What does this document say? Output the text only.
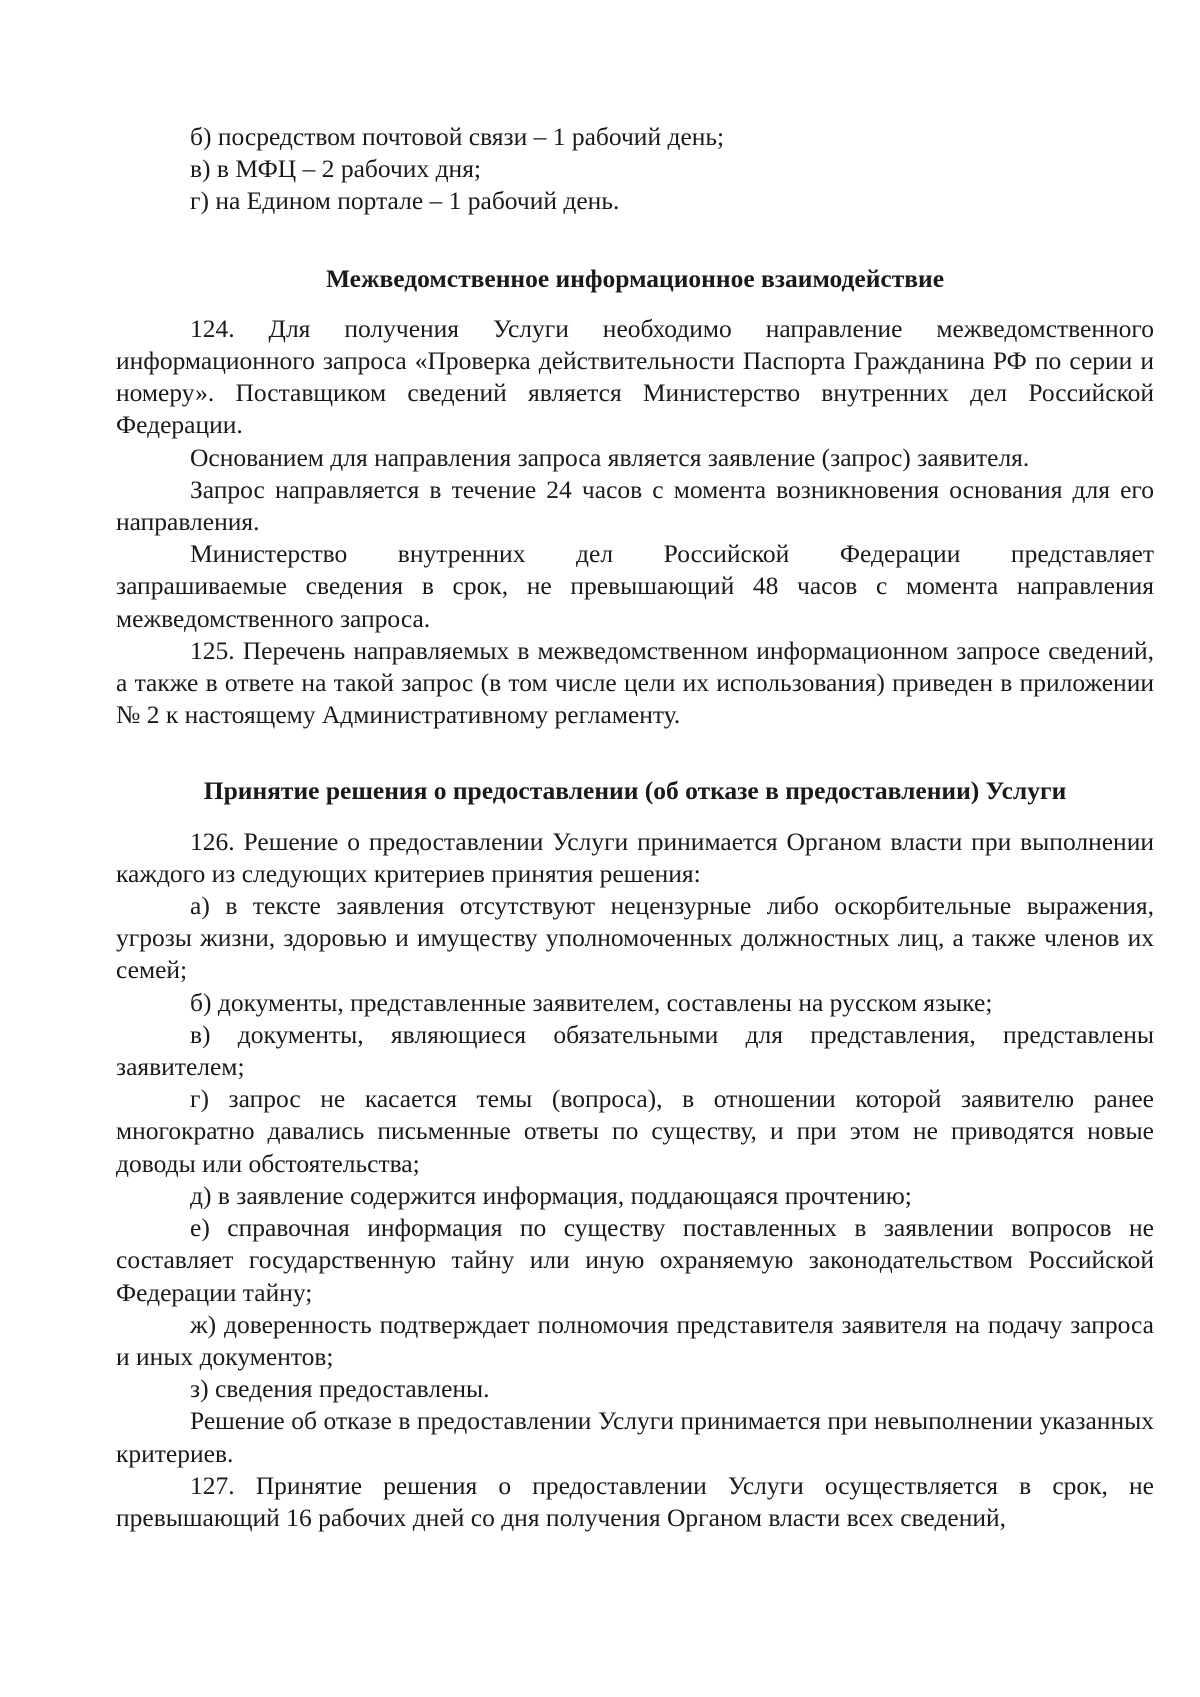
б) посредством почтовой связи – 1 рабочий день;

в) в МФЦ – 2 рабочих дня;

г) на Едином портале – 1 рабочий день.

Межведомственное информационное взаимодействие

124. Для получения Услуги необходимо направление межведомственного информационного запроса «Проверка действительности Паспорта Гражданина РФ по серии и номеру». Поставщиком сведений является Министерство внутренних дел Российской Федерации.

Основанием для направления запроса является заявление (запрос) заявителя.

Запрос направляется в течение 24 часов с момента возникновения основания для его направления.

Министерство внутренних дел Российской Федерации представляет

запрашиваемые сведения в срок, не превышающий 48 часов с момента направления межведомственного запроса.

125. Перечень направляемых в межведомственном информационном запросе сведений, а также в ответе на такой запрос (в том числе цели их использования) приведен в приложении № 2 к настоящему Административному регламенту.

Принятие решения о предоставлении (об отказе в предоставлении) Услуги

126. Решение о предоставлении Услуги принимается Органом власти при выполнении каждого из следующих критериев принятия решения:

а) в тексте заявления отсутствуют нецензурные либо оскорбительные выражения, угрозы жизни, здоровью и имуществу уполномоченных должностных лиц, а также членов их семей;

б) документы, представленные заявителем, составлены на русском языке;

в) документы, являющиеся обязательными для представления, представлены заявителем;

г) запрос не касается темы (вопроса), в отношении которой заявителю ранее многократно давались письменные ответы по существу, и при этом не приводятся новые доводы или обстоятельства;

д) в заявление содержится информация, поддающаяся прочтению;

е) справочная информация по существу поставленных в заявлении вопросов не составляет государственную тайну или иную охраняемую законодательством Российской Федерации тайну;

ж) доверенность подтверждает полномочия представителя заявителя на подачу запроса и иных документов;

з) сведения предоставлены.

Решение об отказе в предоставлении Услуги принимается при невыполнении указанных критериев.

127. Принятие решения о предоставлении Услуги осуществляется в срок, не превышающий 16 рабочих дней со дня получения Органом власти всех сведений,
